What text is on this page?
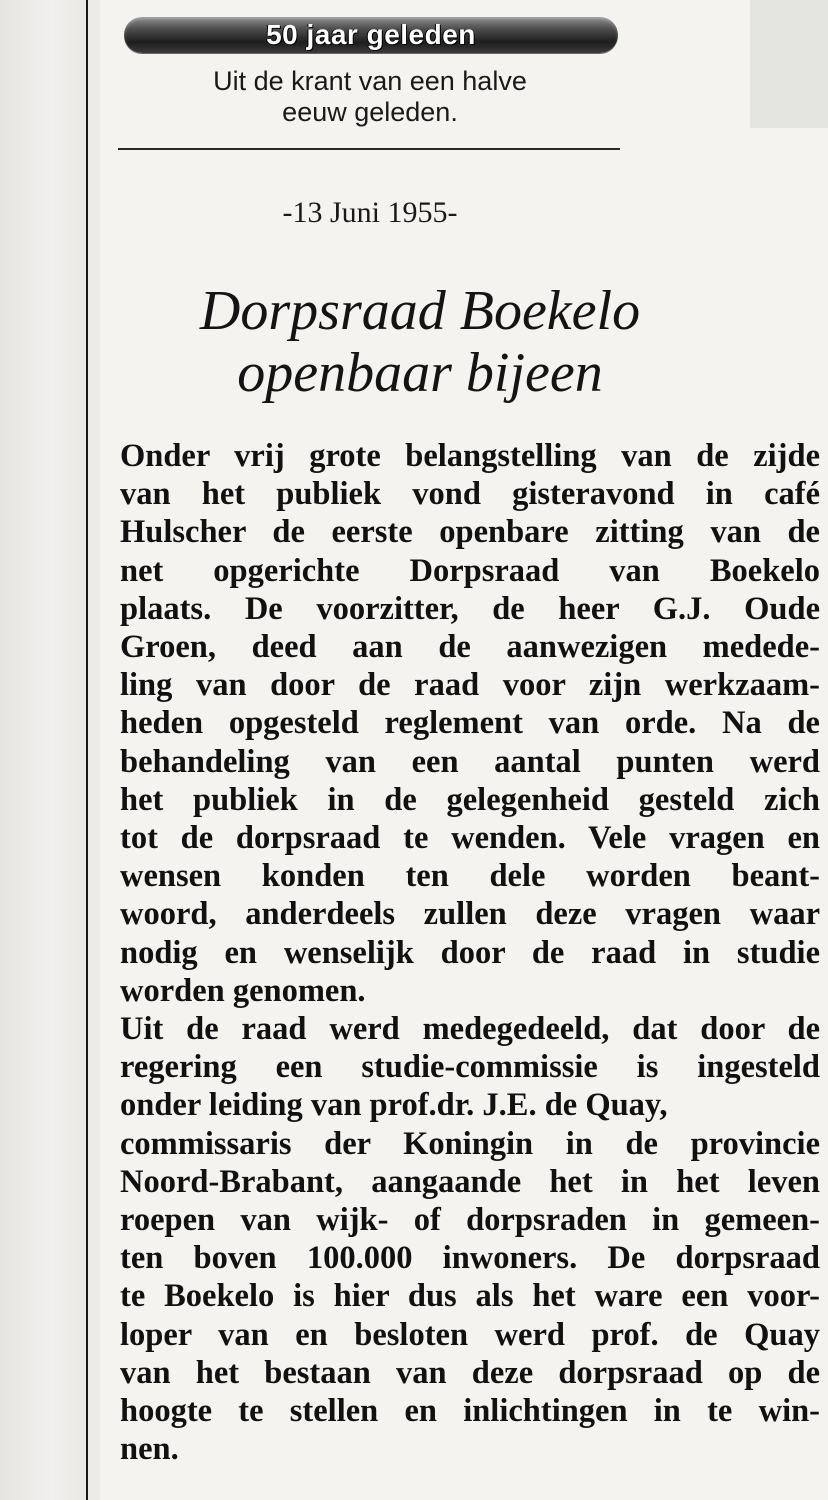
50 jaar geleden
Uit de krant van een halve
eeuw geleden.
-13 Juni 1955-
Dorpsraad Boekelo
openbaar bijeen
Onder vrij grote belangstelling van de zijde
van het publiek vond gisteravond in café
Hulscher de eerste openbare zitting van de
net opgerichte Dorpsraad van Boekelo
plaats. De voorzitter, de heer G.J. Oude
Groen, deed aan de aanwezigen medede-
ling van door de raad voor zijn werkzaam-
heden opgesteld reglement van orde. Na de
behandeling van een aantal punten werd
het publiek in de gelegenheid gesteld zich
tot de dorpsraad te wenden. Vele vragen en
wensen konden ten dele worden beant-
woord, anderdeels zullen deze vragen waar
nodig en wenselijk door de raad in studie
worden genomen.
Uit de raad werd medegedeeld, dat door de
regering een studie-commissie is ingesteld
onder leiding van prof.dr. J.E. de Quay,
commissaris der Koningin in de provincie
Noord-Brabant, aangaande het in het leven
roepen van wijk- of dorpsraden in gemeen-
ten boven 100.000 inwoners. De dorpsraad
te Boekelo is hier dus als het ware een voor-
loper van en besloten werd prof. de Quay
van het bestaan van deze dorpsraad op de
hoogte te stellen en inlichtingen in te win-
nen.
